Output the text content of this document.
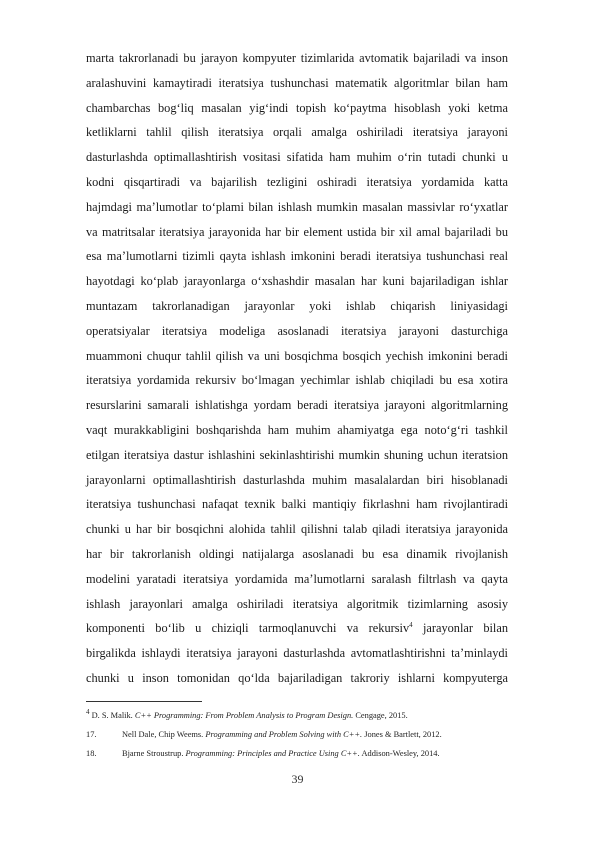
marta takrorlanadi bu jarayon kompyuter tizimlarida avtomatik bajariladi va inson
aralashuvini kamaytiradi iteratsiya tushunchasi matematik algoritmlar bilan ham
chambarchas bog‘liq masalan yig‘indi topish ko‘paytma hisoblash yoki ketma
ketliklarni tahlil qilish iteratsiya orqali amalga oshiriladi iteratsiya jarayoni
dasturlashda optimallashtirish vositasi sifatida ham muhim o‘rin tutadi chunki u
kodni qisqartiradi va bajarilish tezligini oshiradi iteratsiya yordamida katta
hajmdagi ma’lumotlar to‘plami bilan ishlash mumkin masalan massivlar ro‘yxatlar
va matritsalar iteratsiya jarayonida har bir element ustida bir xil amal bajariladi bu
esa ma’lumotlarni tizimli qayta ishlash imkonini beradi iteratsiya tushunchasi real
hayotdagi ko‘plab jarayonlarga o‘xshashdir masalan har kuni bajariladigan ishlar
muntazam takrorlanadigan jarayonlar yoki ishlab chiqarish liniyasidagi
operatsiyalar iteratsiya modeliga asoslanadi iteratsiya jarayoni dasturchiga
muammoni chuqur tahlil qilish va uni bosqichma bosqich yechish imkonini beradi
iteratsiya yordamida rekursiv bo‘lmagan yechimlar ishlab chiqiladi bu esa xotira
resurslarini samarali ishlatishga yordam beradi iteratsiya jarayoni algoritmlarning
vaqt murakkabligini boshqarishda ham muhim ahamiyatga ega noto‘g‘ri tashkil
etilgan iteratsiya dastur ishlashini sekinlashtirishi mumkin shuning uchun iteratsion
jarayonlarni optimallashtirish dasturlashda muhim masalalardan biri hisoblanadi
iteratsiya tushunchasi nafaqat texnik balki mantiqiy fikrlashni ham rivojlantiradi
chunki u har bir bosqichni alohida tahlil qilishni talab qiladi iteratsiya jarayonida
har bir takrorlanish oldingi natijalarga asoslanadi bu esa dinamik rivojlanish
modelini yaratadi iteratsiya yordamida ma’lumotlarni saralash filtrlash va qayta
ishlash jarayonlari amalga oshiriladi iteratsiya algoritmik tizimlarning asosiy
komponenti bo‘lib u chiziqli tarmoqlanuvchi va rekursiv$^4$ jarayonlar bilan
birgalikda ishlaydi iteratsiya jarayoni dasturlashda avtomatlashtirishni ta’minlaydi
chunki u inson tomonidan qo‘lda bajariladigan takroriy ishlarni kompyuterga
$^4$ D. S. Malik. C++ Programming: From Problem Analysis to Program Design. Cengage, 2015.
17.	Nell Dale, Chip Weems. Programming and Problem Solving with C++. Jones & Bartlett, 2012.
18.	Bjarne Stroustrup. Programming: Principles and Practice Using C++. Addison-Wesley, 2014.
39
